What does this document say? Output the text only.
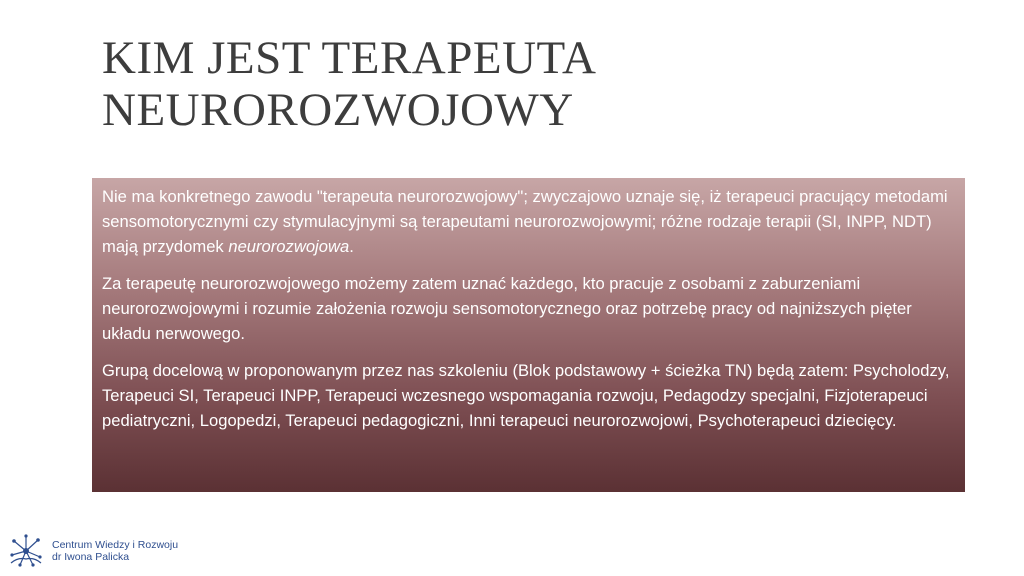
KIM JEST TERAPEUTA
NEUROROZWOJOWY

Nie ma konkretnego zawodu "terapeuta neurorozwojowy"; zwyczajowo uznaje się, iż terapeuci pracujący metodami sensomotorycznymi czy stymulacyjnymi są terapeutami neurorozwojowymi; różne rodzaje terapii (SI, INPP, NDT) mają przydomek neurorozwojowa.

Za terapeutę neurorozwojowego możemy zatem uznać każdego, kto pracuje z osobami z zaburzeniami neurorozwojowymi i rozumie założenia rozwoju sensomotorycznego oraz potrzebę pracy od najniższych pięter układu nerwowego.

Grupą docelową w proponowanym przez nas szkoleniu (Blok podstawowy + ścieżka TN) będą zatem: Psycholodzy, Terapeuci SI, Terapeuci INPP, Terapeuci wczesnego wspomagania rozwoju, Pedagodzy specjalni, Fizjoterapeuci pediatryczni, Logopedzi, Terapeuci pedagogiczni, Inni terapeuci neurorozwojowi, Psychoterapeuci dziecięcy.

Centrum Wiedzy i Rozwoju
dr Iwona Palicka
